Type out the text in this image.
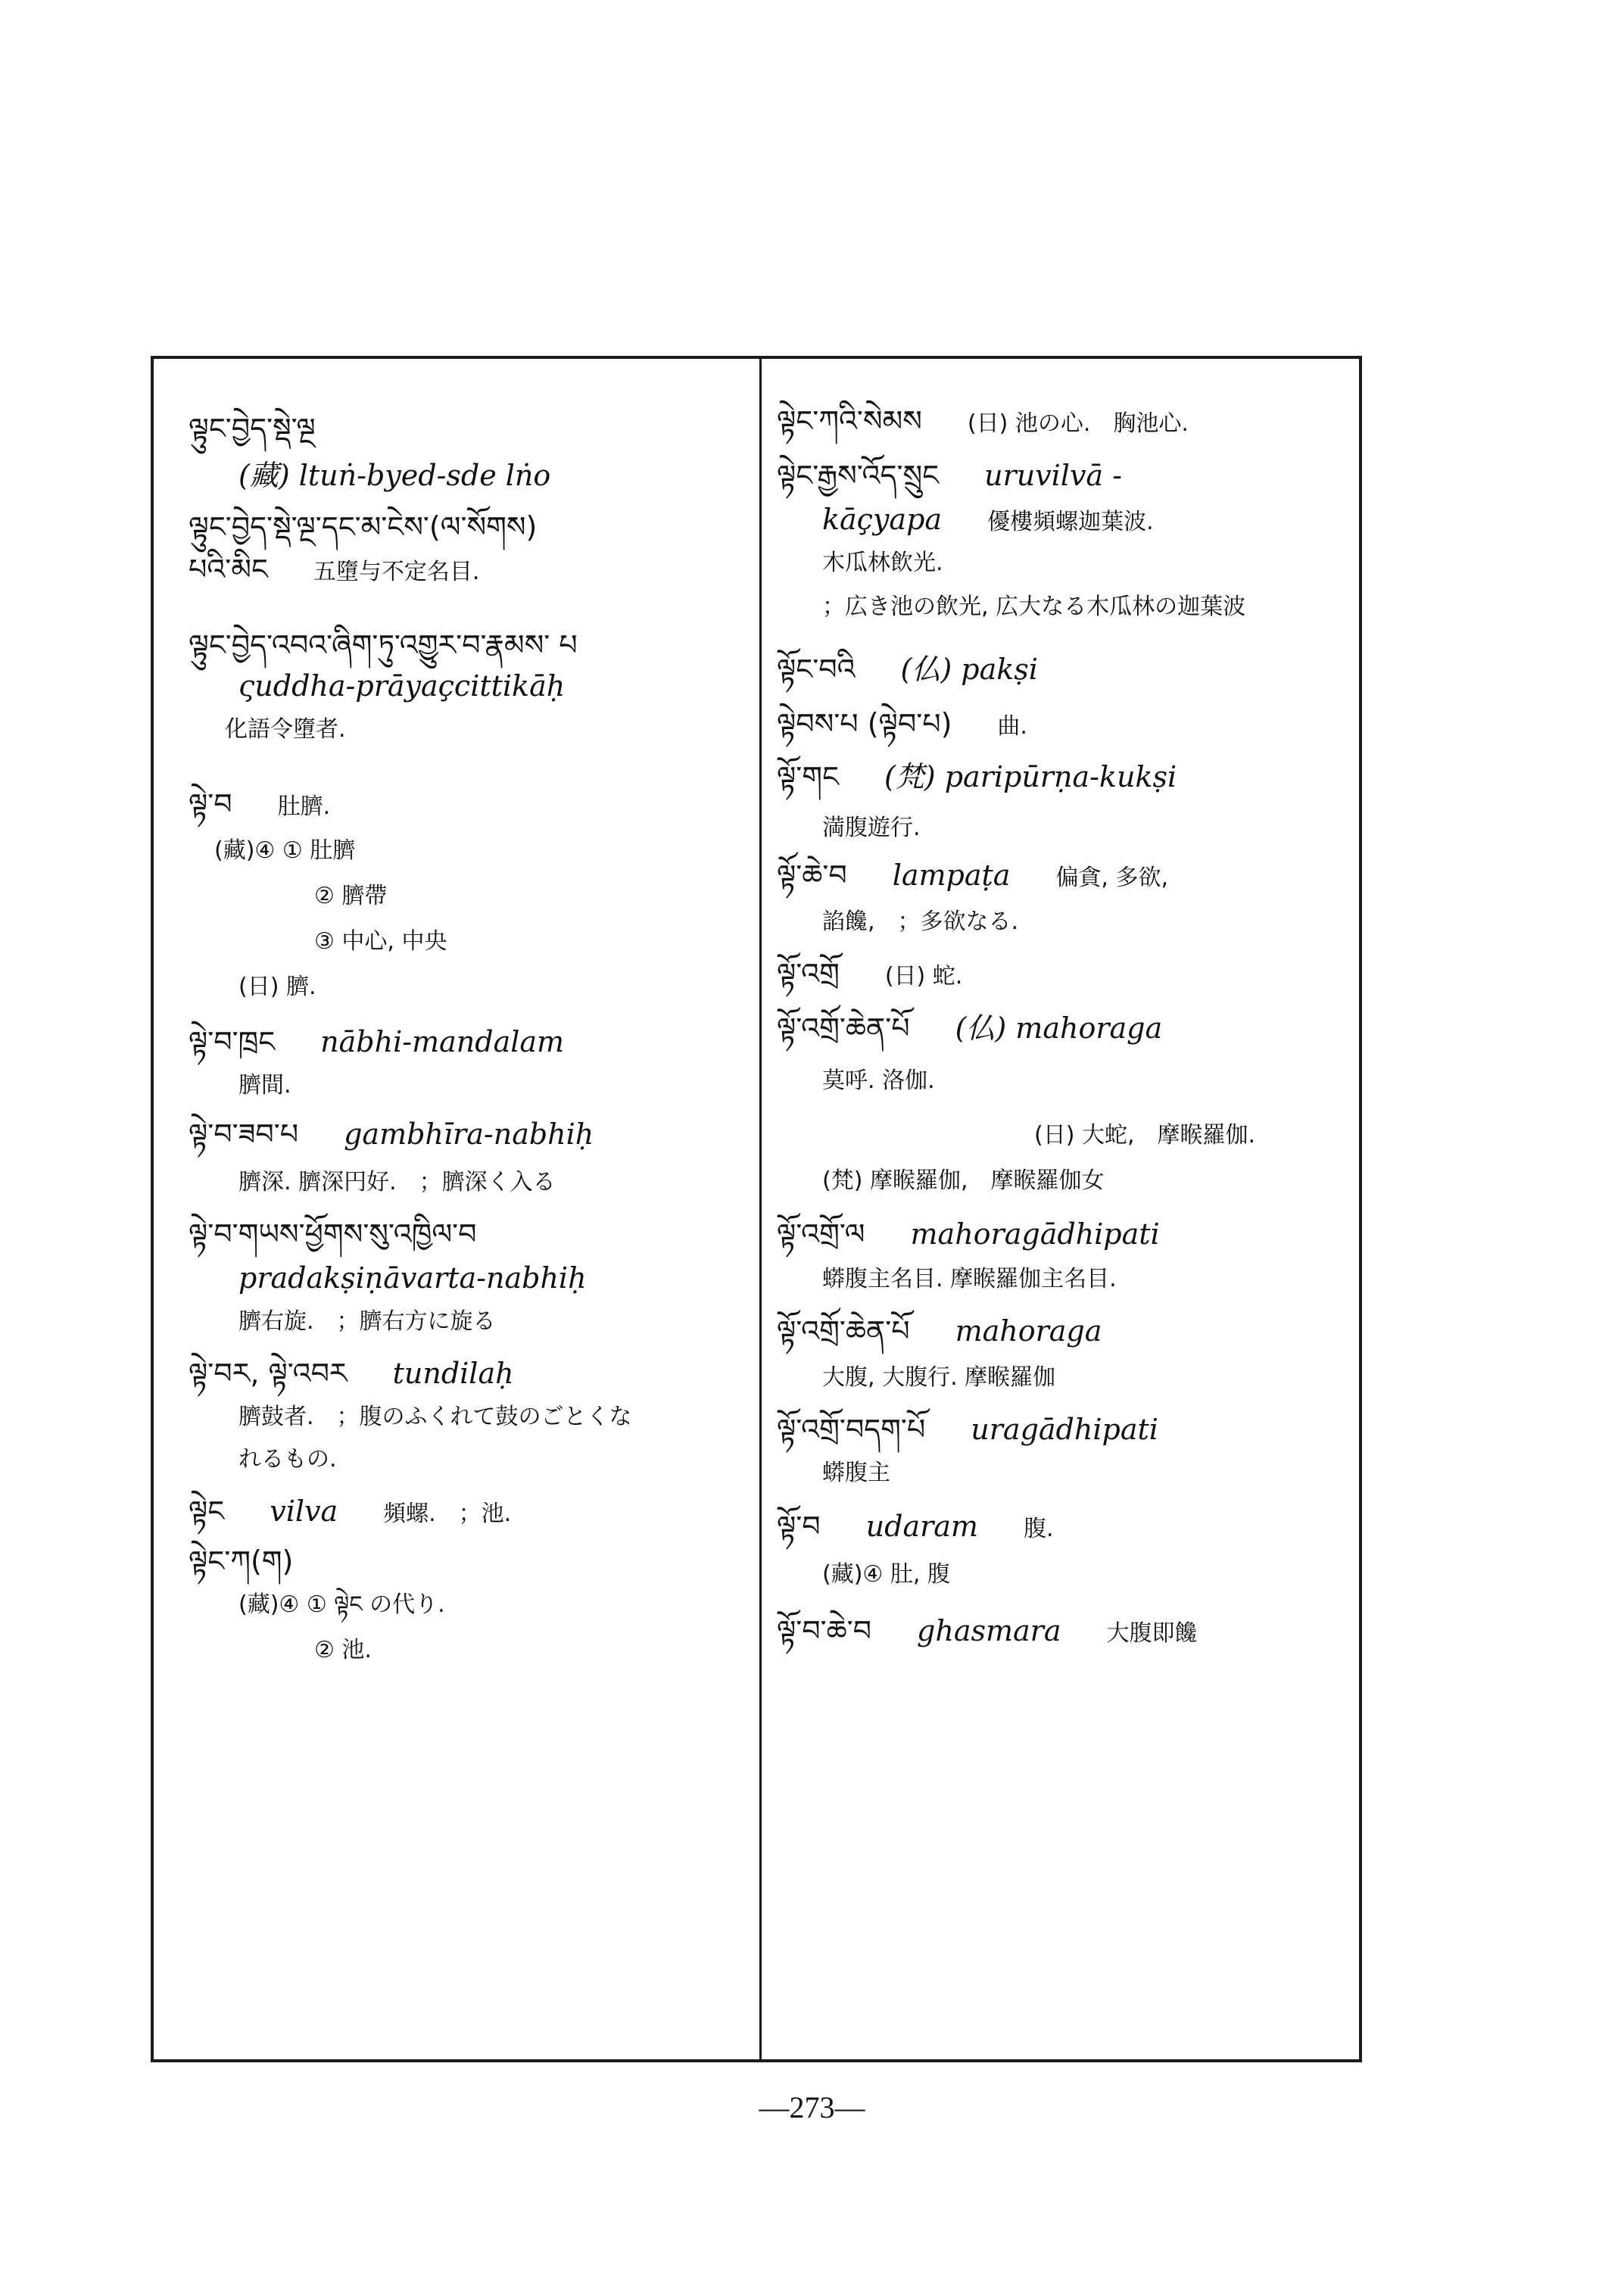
ལྟུང་བྱེད་སྡེ་ལྔ
(藏) ltuṅ-byed-sde lṅo
ལྟུང་བྱེད་སྡེ་ལྔ་དང་མ་ངེས་(ལ་སོགས)
པའི་མིང 五墮与不定名目.
ལྟུང་བྱེད་འབའ་ཞིག་ཏུ་འགྱུར་བ་རྣམས་ པ
ςuddha-prāyaçcittikāḥ
化語令墮者.
ལྟེ་བ 肚臍.
(藏)④ ① 肚臍
② 臍帶
③ 中心, 中央
(日) 臍.
ལྟེ་བ་ཁྲང nābhi-mandalam
臍間.
ལྟེ་བ་ཟབ་པ gambhīra-nabhiḥ
臍深. 臍深円好.　；臍深く入る
ལྟེ་བ་གཡས་ཕྱོགས་སུ་འཁྱིལ་བ
pradakṣiṇāvarta-nabhiḥ
臍右旋.　；臍右方に旋る
ལྟེ་བར, ལྟེ་འབར tundilaḥ
臍鼓者.　；腹のふくれて鼓のごとくな
れるもの.
ལྟེང vilva 頻螺.　；池.
ལྟེང་ཀ(ག)
(藏)④ ① ལྟེང の代り.
② 池.
ལྟེང་ཀའི་སེམས (日) 池の心.　胸池心.
ལྟེང་རྒྱས་འོད་སྲུང uruvilvā -
kāçyapa 優樓頻螺迦葉波.
木瓜林飲光.
；広き池の飲光, 広大なる木瓜林の迦葉波
ལྟོང་བའི (仏) pakṣi
ལྟེབས་པ (ལྟེབ་པ) 曲.
ལྟོ་གང (梵) paripūrṇa-kukṣi
満腹遊行.
ལྟོ་ཆེ་བ lampaṭa 偏貪, 多欲,
諂饞,　；多欲なる.
ལྟོ་འགྲོ (日) 蛇.
ལྟོ་འགྲོ་ཆེན་པོ (仏) mahoraga
莫呼. 洛伽.
(日) 大蛇,　摩睺羅伽.
(梵) 摩睺羅伽,　摩睺羅伽女
ལྟོ་འགྲོ་ལ mahoragādhipati
蟒腹主名目. 摩睺羅伽主名目.
ལྟོ་འགྲོ་ཆེན་པོ mahoraga
大腹, 大腹行. 摩睺羅伽
ལྟོ་འགྲོ་བདག་པོ uragādhipati
蟒腹主
ལྟོ་བ udaram 腹.
(藏)④ 肚, 腹
ལྟོ་བ་ཆེ་བ ghasmara 大腹即饞
—273—
